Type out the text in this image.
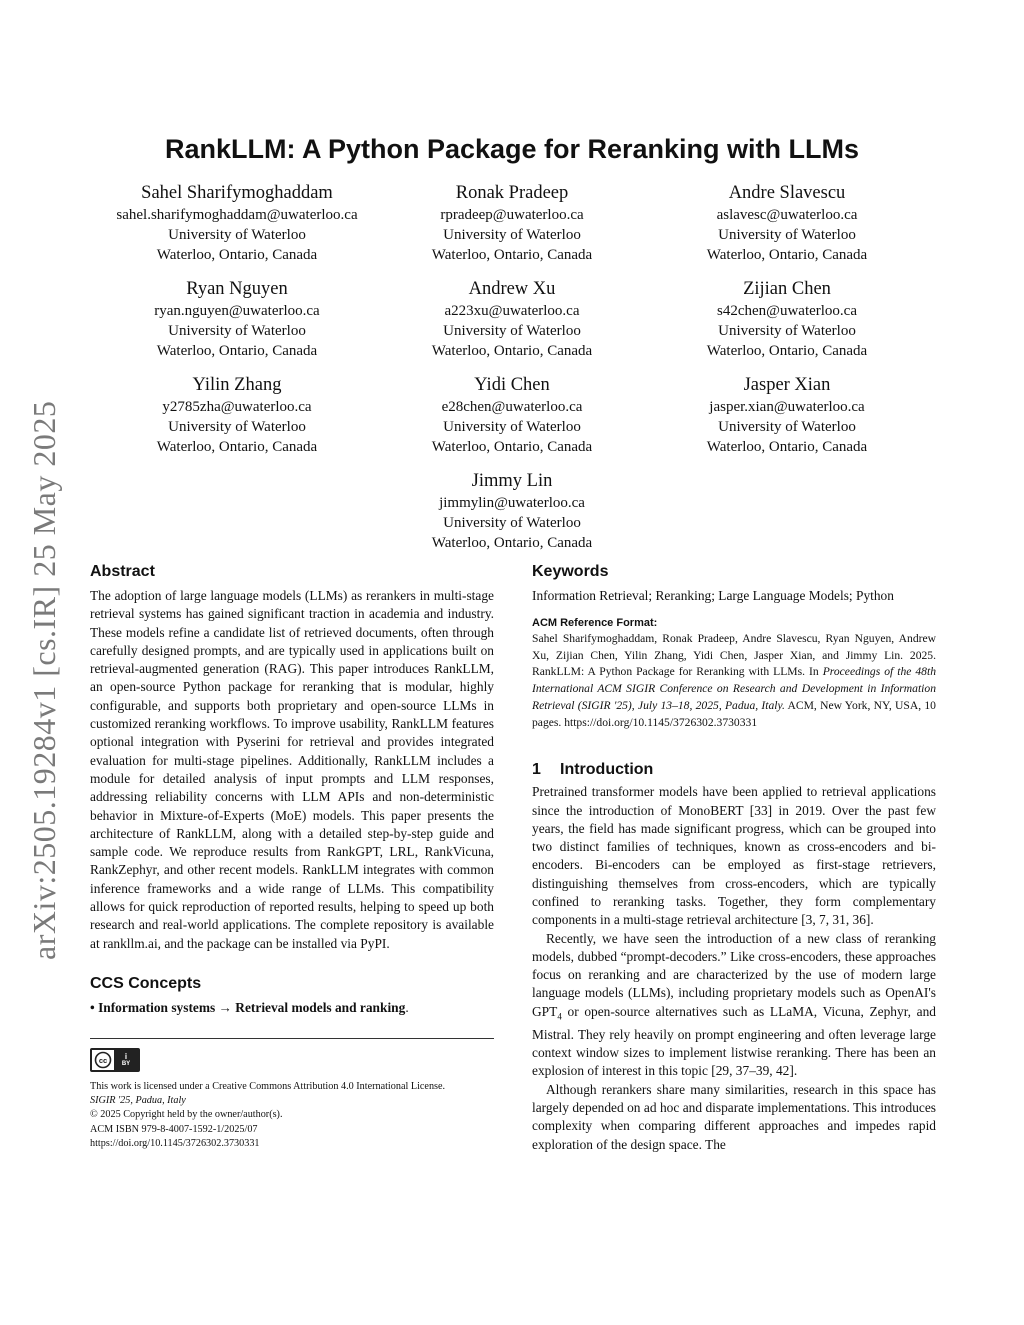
arXiv:2505.19284v1 [cs.IR] 25 May 2025
RankLLM: A Python Package for Reranking with LLMs
Sahel Sharifymoghaddam
sahel.sharifymoghaddam@uwaterloo.ca
University of Waterloo
Waterloo, Ontario, Canada
Ronak Pradeep
rpradeep@uwaterloo.ca
University of Waterloo
Waterloo, Ontario, Canada
Andre Slavescu
aslavesc@uwaterloo.ca
University of Waterloo
Waterloo, Ontario, Canada
Ryan Nguyen
ryan.nguyen@uwaterloo.ca
University of Waterloo
Waterloo, Ontario, Canada
Andrew Xu
a223xu@uwaterloo.ca
University of Waterloo
Waterloo, Ontario, Canada
Zijian Chen
s42chen@uwaterloo.ca
University of Waterloo
Waterloo, Ontario, Canada
Yilin Zhang
y2785zha@uwaterloo.ca
University of Waterloo
Waterloo, Ontario, Canada
Yidi Chen
e28chen@uwaterloo.ca
University of Waterloo
Waterloo, Ontario, Canada
Jasper Xian
jasper.xian@uwaterloo.ca
University of Waterloo
Waterloo, Ontario, Canada
Jimmy Lin
jimmylin@uwaterloo.ca
University of Waterloo
Waterloo, Ontario, Canada
Abstract

The adoption of large language models (LLMs) as rerankers in multi-stage retrieval systems has gained significant traction in academia and industry. These models refine a candidate list of retrieved documents, often through carefully designed prompts, and are typically used in applications built on retrieval-augmented generation (RAG). This paper introduces RankLLM, an open-source Python package for reranking that is modular, highly configurable, and supports both proprietary and open-source LLMs in customized reranking workflows. To improve usability, RankLLM features optional integration with Pyserini for retrieval and provides integrated evaluation for multi-stage pipelines. Additionally, RankLLM includes a module for detailed analysis of input prompts and LLM responses, addressing reliability concerns with LLM APIs and non-deterministic behavior in Mixture-of-Experts (MoE) models. This paper presents the architecture of RankLLM, along with a detailed step-by-step guide and sample code. We reproduce results from RankGPT, LRL, RankVicuna, RankZephyr, and other recent models. RankLLM integrates with common inference frameworks and a wide range of LLMs. This compatibility allows for quick reproduction of reported results, helping to speed up both research and real-world applications. The complete repository is available at rankllm.ai, and the package can be installed via PyPI.

CCS Concepts
• Information systems → Retrieval models and ranking.
cc i
BY
This work is licensed under a Creative Commons Attribution 4.0 International License.
SIGIR '25, Padua, Italy
© 2025 Copyright held by the owner/author(s).
ACM ISBN 979-8-4007-1592-1/2025/07
https://doi.org/10.1145/3726302.3730331
Keywords

Information Retrieval; Reranking; Large Language Models; Python

ACM Reference Format:

Sahel Sharifymoghaddam, Ronak Pradeep, Andre Slavescu, Ryan Nguyen, Andrew Xu, Zijian Chen, Yilin Zhang, Yidi Chen, Jasper Xian, and Jimmy Lin. 2025. RankLLM: A Python Package for Reranking with LLMs. In Proceedings of the 48th International ACM SIGIR Conference on Research and Development in Information Retrieval (SIGIR '25), July 13–18, 2025, Padua, Italy. ACM, New York, NY, USA, 10 pages. https://doi.org/10.1145/3726302.3730331

1 Introduction

Pretrained transformer models have been applied to retrieval applications since the introduction of MonoBERT [33] in 2019. Over the past few years, the field has made significant progress, which can be grouped into two distinct families of techniques, known as cross-encoders and bi-encoders. Bi-encoders can be employed as first-stage retrievers, distinguishing themselves from cross-encoders, which are typically confined to reranking tasks. Together, they form complementary components in a multi-stage retrieval architecture [3, 7, 31, 36].

Recently, we have seen the introduction of a new class of reranking models, dubbed “prompt-decoders.” Like cross-encoders, these approaches focus on reranking and are characterized by the use of modern large language models (LLMs), including proprietary models such as OpenAI's $GPT_4$ or open-source alternatives such as LLaMA, Vicuna, Zephyr, and Mistral. They rely heavily on prompt engineering and often leverage large context window sizes to implement listwise reranking. There has been an explosion of interest in this topic [29, 37–39, 42].

Although rerankers share many similarities, research in this space has largely depended on ad hoc and disparate implementations. This introduces complexity when comparing different approaches and impedes rapid exploration of the design space. The
